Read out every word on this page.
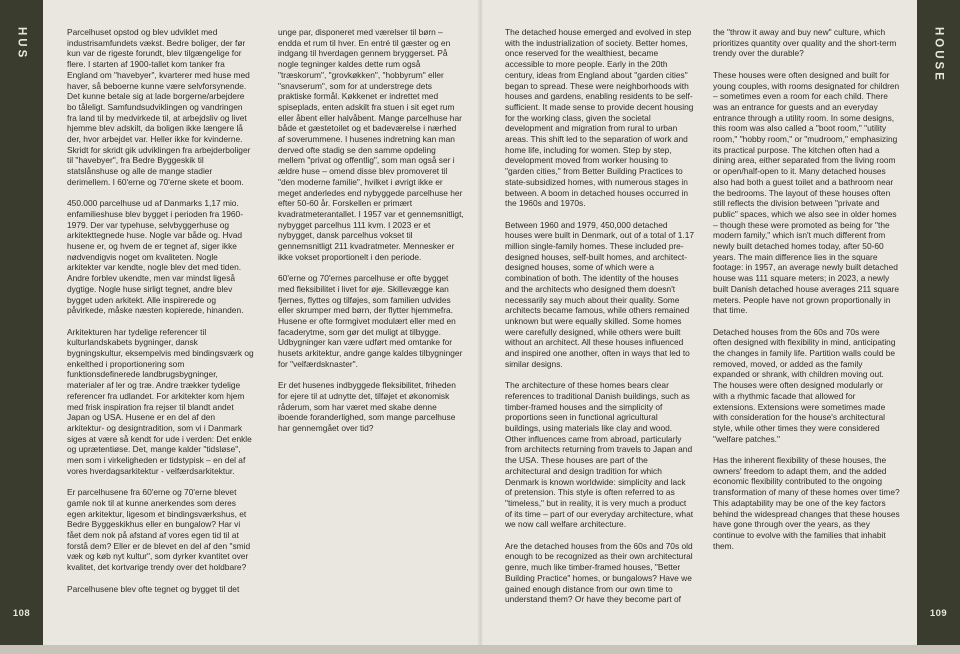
HUS
108
HOUSE
109

Parcelhuset opstod og blev udviklet med industrisamfundets vækst. Bedre boliger, der før kun var de rigeste forundt, blev tilgængelige for flere. I starten af 1900-tallet kom tanker fra England om "havebyer", kvarterer med huse med haver, så beboerne kunne være selvforsynende. Det kunne betale sig at lade borgerne/arbejdere bo tåleligt. Samfundsudviklingen og vandringen fra land til by medvirkede til, at arbejdsliv og livet hjemme blev adskilt, da boligen ikke længere lå der, hvor arbejdet var. Heller ikke for kvinderne. Skridt for skridt gik udviklingen fra arbejderboliger til "havebyer", fra Bedre Byggeskik til statslånshuse og alle de mange stadier derimellem. I 60'erne og 70'erne skete et boom.

450.000 parcelhuse ud af Danmarks 1,17 mio. enfamilieshuse blev bygget i perioden fra 1960-1979. Der var typehuse, selvbyggerhuse og arkitekttegnede huse. Nogle var både og. Hvad husene er, og hvem de er tegnet af, siger ikke nødvendigvis noget om kvaliteten. Nogle arkitekter var kendte, nogle blev det med tiden. Andre forblev ukendte, men var mindst ligeså dygtige. Nogle huse sirligt tegnet, andre blev bygget uden arkitekt. Alle inspirerede og påvirkede, måske næsten kopierede, hinanden.

Arkitekturen har tydelige referencer til kulturlandskabets bygninger, dansk bygningskultur, eksempelvis med bindingsværk og enkelthed i proportionering som funktionsdefinerede landbrugsbygninger, materialer af ler og træ. Andre trækker tydelige referencer fra udlandet. For arkitekter kom hjem med frisk inspiration fra rejser til blandt andet Japan og USA. Husene er en del af den arkitektur- og designtradition, som vi i Danmark siges at være så kendt for ude i verden: Det enkle og uprætentiøse. Det, mange kalder "tidsløse", men som i virkeligheden er tidstypisk – en del af vores hverdagsarkitektur - velfærdsarkitektur.

Er parcelhusene fra 60'erne og 70'erne blevet gamle nok til at kunne anerkendes som deres egen arkitektur, ligesom et bindingsværkshus, et Bedre Byggeskikhus eller en bungalow? Har vi fået dem nok på afstand af vores egen tid til at forstå dem? Eller er de blevet en del af den "smid væk og køb nyt kultur", som dyrker kvantitet over kvalitet, det kortvarige trendy over det holdbare?

Parcelhusene blev ofte tegnet og bygget til det

unge par, disponeret med værelser til børn – endda et rum til hver. En entré til gæster og en indgang til hverdagen gennem bryggerset. På nogle tegninger kaldes dette rum også "træskorum", "grovkøkken", "hobbyrum" eller "snavserum", som for at understrege dets praktiske formål. Køkkenet er indrettet med spiseplads, enten adskilt fra stuen i sit eget rum eller åbent eller halvåbent. Mange parcelhuse har både et gæstetoilet og et badeværelse i nærhed af soverummene. I husenes indretning kan man derved ofte stadig se den samme opdeling mellem "privat og offentlig", som man også ser i ældre huse – omend disse blev promoveret til "den moderne familie", hvilket i øvrigt ikke er meget anderledes end nybyggede parcelhuse her efter 50-60 år. Forskellen er primært kvadratmeterantallet. I 1957 var et gennemsnitligt, nybygget parcelhus 111 kvm. I 2023 er et nybygget, dansk parcelhus vokset til gennemsnitligt 211 kvadratmeter. Mennesker er ikke vokset proportionelt i den periode.

60'erne og 70'ernes parcelhuse er ofte bygget med fleksibilitet i livet for øje. Skillevægge kan fjernes, flyttes og tilføjes, som familien udvides eller skrumper med børn, der flytter hjemmefra. Husene er ofte formgivet modulært eller med en facaderytme, som gør det muligt at tilbygge. Udbygninger kan være udført med omtanke for husets arkitektur, andre gange kaldes tilbygninger for "velfærdsknaster".

Er det husenes indbyggede fleksibilitet, friheden for ejere til at udnytte det, tilføjet et økonomisk råderum, som har været med skabe denne iboende foranderlighed, som mange parcelhuse har gennemgået over tid?

The detached house emerged and evolved in step with the industrialization of society. Better homes, once reserved for the wealthiest, became accessible to more people. Early in the 20th century, ideas from England about "garden cities" began to spread. These were neighborhoods with houses and gardens, enabling residents to be self-sufficient. It made sense to provide decent housing for the working class, given the societal development and migration from rural to urban areas. This shift led to the separation of work and home life, including for women. Step by step, development moved from worker housing to "garden cities," from Better Building Practices to state-subsidized homes, with numerous stages in between. A boom in detached houses occurred in the 1960s and 1970s.

Between 1960 and 1979, 450,000 detached houses were built in Denmark, out of a total of 1.17 million single-family homes. These included pre-designed houses, self-built homes, and architect-designed houses, some of which were a combination of both. The identity of the houses and the architects who designed them doesn't necessarily say much about their quality. Some architects became famous, while others remained unknown but were equally skilled. Some homes were carefully designed, while others were built without an architect. All these houses influenced and inspired one another, often in ways that led to similar designs.

The architecture of these homes bears clear references to traditional Danish buildings, such as timber-framed houses and the simplicity of proportions seen in functional agricultural buildings, using materials like clay and wood. Other influences came from abroad, particularly from architects returning from travels to Japan and the USA. These houses are part of the architectural and design tradition for which Denmark is known worldwide: simplicity and lack of pretension. This style is often referred to as "timeless," but in reality, it is very much a product of its time – part of our everyday architecture, what we now call welfare architecture.

Are the detached houses from the 60s and 70s old enough to be recognized as their own architectural genre, much like timber-framed houses, "Better Building Practice" homes, or bungalows? Have we gained enough distance from our own time to understand them? Or have they become part of

the "throw it away and buy new" culture, which prioritizes quantity over quality and the short-term trendy over the durable?

These houses were often designed and built for young couples, with rooms designated for children – sometimes even a room for each child. There was an entrance for guests and an everyday entrance through a utility room. In some designs, this room was also called a "boot room," "utility room," "hobby room," or "mudroom," emphasizing its practical purpose. The kitchen often had a dining area, either separated from the living room or open/half-open to it. Many detached houses also had both a guest toilet and a bathroom near the bedrooms. The layout of these houses often still reflects the division between "private and public" spaces, which we also see in older homes – though these were promoted as being for "the modern family," which isn't much different from newly built detached homes today, after 50-60 years. The main difference lies in the square footage: in 1957, an average newly built detached house was 111 square meters; in 2023, a newly built Danish detached house averages 211 square meters. People have not grown proportionally in that time.

Detached houses from the 60s and 70s were often designed with flexibility in mind, anticipating the changes in family life. Partition walls could be removed, moved, or added as the family expanded or shrank, with children moving out. The houses were often designed modularly or with a rhythmic facade that allowed for extensions. Extensions were sometimes made with consideration for the house's architectural style, while other times they were considered "welfare patches."

Has the inherent flexibility of these houses, the owners' freedom to adapt them, and the added economic flexibility contributed to the ongoing transformation of many of these homes over time? This adaptability may be one of the key factors behind the widespread changes that these houses have gone through over the years, as they continue to evolve with the families that inhabit them.
